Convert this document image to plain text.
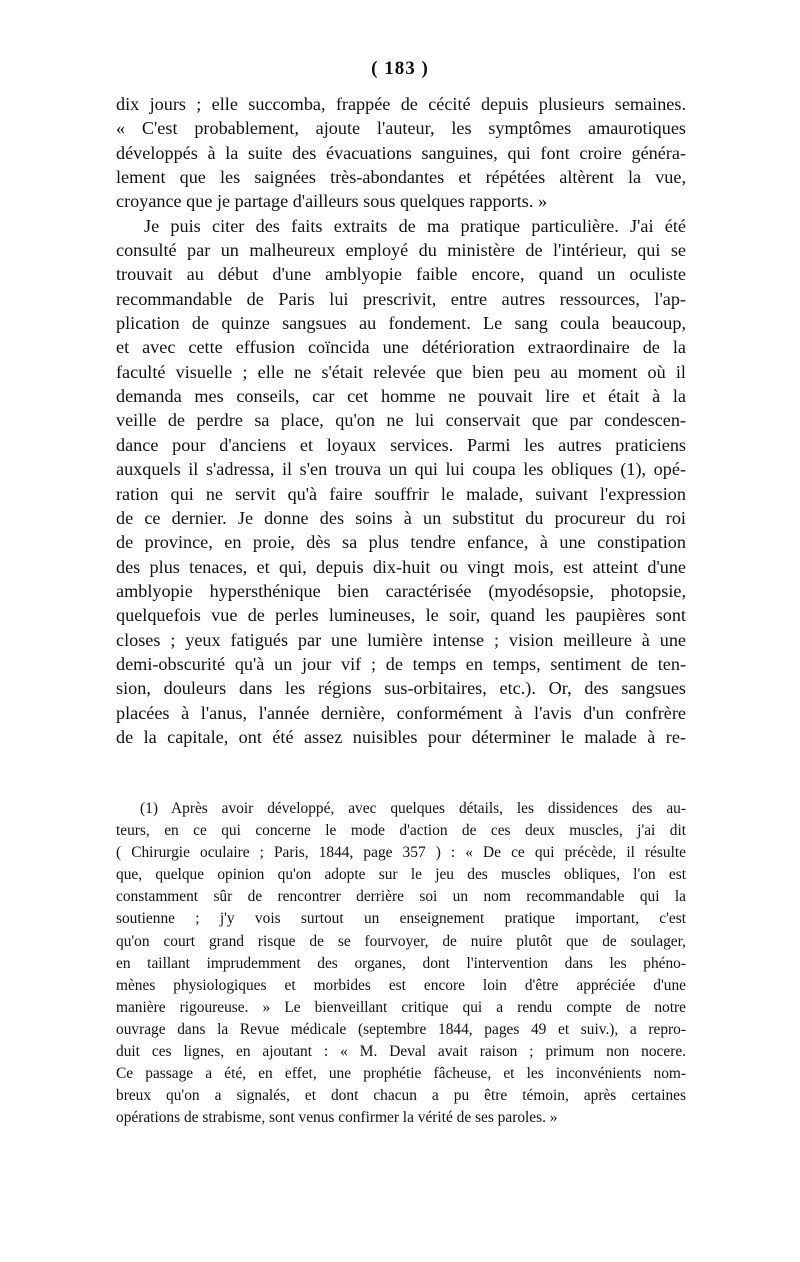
( 183 )
dix jours ; elle succomba, frappée de cécité depuis plusieurs semaines.
« C'est probablement, ajoute l'auteur, les symptômes amaurotiques
développés à la suite des évacuations sanguines, qui font croire généra-
lement que les saignées très-abondantes et répétées altèrent la vue,
croyance que je partage d'ailleurs sous quelques rapports. »
Je puis citer des faits extraits de ma pratique particulière. J'ai été
consulté par un malheureux employé du ministère de l'intérieur, qui se
trouvait au début d'une amblyopie faible encore, quand un oculiste
recommandable de Paris lui prescrivit, entre autres ressources, l'ap-
plication de quinze sangsues au fondement. Le sang coula beaucoup,
et avec cette effusion coïncida une détérioration extraordinaire de la
faculté visuelle ; elle ne s'était relevée que bien peu au moment où il
demanda mes conseils, car cet homme ne pouvait lire et était à la
veille de perdre sa place, qu'on ne lui conservait que par condescen-
dance pour d'anciens et loyaux services. Parmi les autres praticiens
auxquels il s'adressa, il s'en trouva un qui lui coupa les obliques (1), opé-
ration qui ne servit qu'à faire souffrir le malade, suivant l'expression
de ce dernier. Je donne des soins à un substitut du procureur du roi
de province, en proie, dès sa plus tendre enfance, à une constipation
des plus tenaces, et qui, depuis dix-huit ou vingt mois, est atteint d'une
amblyopie hypersthénique bien caractérisée (myodésopsie, photopsie,
quelquefois vue de perles lumineuses, le soir, quand les paupières sont
closes ; yeux fatigués par une lumière intense ; vision meilleure à une
demi-obscurité qu'à un jour vif ; de temps en temps, sentiment de ten-
sion, douleurs dans les régions sus-orbitaires, etc.). Or, des sangsues
placées à l'anus, l'année dernière, conformément à l'avis d'un confrère
de la capitale, ont été assez nuisibles pour déterminer le malade à re-
(1) Après avoir développé, avec quelques détails, les dissidences des au-
teurs, en ce qui concerne le mode d'action de ces deux muscles, j'ai dit
( Chirurgie oculaire ; Paris, 1844, page 357 ) : « De ce qui précède, il résulte
que, quelque opinion qu'on adopte sur le jeu des muscles obliques, l'on est
constamment sûr de rencontrer derrière soi un nom recommandable qui la
soutienne ; j'y vois surtout un enseignement pratique important, c'est
qu'on court grand risque de se fourvoyer, de nuire plutôt que de soulager,
en taillant imprudemment des organes, dont l'intervention dans les phéno-
mènes physiologiques et morbides est encore loin d'être appréciée d'une
manière rigoureuse. » Le bienveillant critique qui a rendu compte de notre
ouvrage dans la Revue médicale (septembre 1844, pages 49 et suiv.), a repro-
duit ces lignes, en ajoutant : « M. Deval avait raison ; primum non nocere.
Ce passage a été, en effet, une prophétie fâcheuse, et les inconvénients nom-
breux qu'on a signalés, et dont chacun a pu être témoin, après certaines
opérations de strabisme, sont venus confirmer la vérité de ses paroles. »
